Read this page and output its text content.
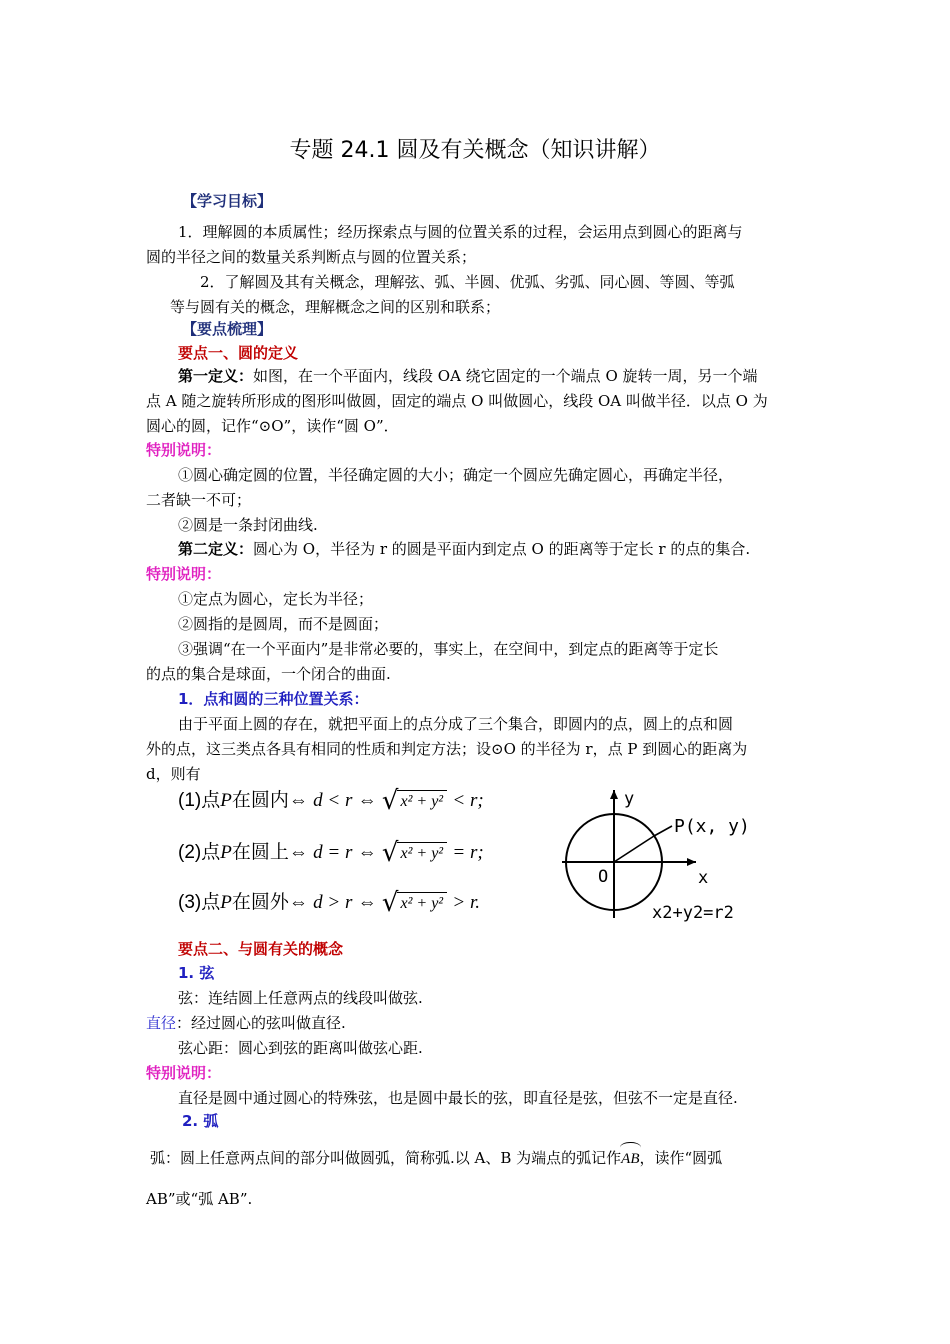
专题 24.1 圆及有关概念（知识讲解）
【学习目标】
1．理解圆的本质属性；经历探索点与圆的位置关系的过程，会运用点到圆心的距离与
圆的半径之间的数量关系判断点与圆的位置关系；
2．了解圆及其有关概念，理解弦、弧、半圆、优弧、劣弧、同心圆、等圆、等弧
等与圆有关的概念，理解概念之间的区别和联系；
【要点梳理】
要点一、圆的定义
第一定义：如图，在一个平面内，线段 OA 绕它固定的一个端点 O 旋转一周，另一个端
点 A 随之旋转所形成的图形叫做圆，固定的端点 O 叫做圆心，线段 OA 叫做半径．以点 O 为
圆心的圆，记作“⊙O”，读作“圆 O”．
特别说明：
①圆心确定圆的位置，半径确定圆的大小；确定一个圆应先确定圆心，再确定半径，
二者缺一不可；
②圆是一条封闭曲线.
第二定义：圆心为 O，半径为 r 的圆是平面内到定点 O 的距离等于定长 r 的点的集合.
特别说明：
①定点为圆心，定长为半径；
②圆指的是圆周，而不是圆面；
③强调“在一个平面内”是非常必要的，事实上，在空间中，到定点的距离等于定长
的点的集合是球面，一个闭合的曲面.
1．点和圆的三种位置关系：
由于平面上圆的存在，就把平面上的点分成了三个集合，即圆内的点，圆上的点和圆
外的点，这三类点各具有相同的性质和判定方法；设⊙O 的半径为 r，点 P 到圆心的距离为
d，则有
(1)点P在圆内⇔ d < r ⇔ √ x² + y² < r;
(2)点P在圆上⇔ d = r ⇔ √ x² + y² = r;
(3)点P在圆外⇔ d > r ⇔ √ x² + y² > r.
y
x
O
P(x, y)
x2+y2=r2
要点二、与圆有关的概念
1. 弦
弦：连结圆上任意两点的线段叫做弦.
直径：经过圆心的弦叫做直径.
弦心距：圆心到弦的距离叫做弦心距.
特别说明：
直径是圆中通过圆心的特殊弦，也是圆中最长的弦，即直径是弦，但弦不一定是直径.
2. 弧
弧：圆上任意两点间的部分叫做圆弧，简称弧.以 A、B 为端点的弧记作AB，读作“圆弧
AB”或“弧 AB”.
